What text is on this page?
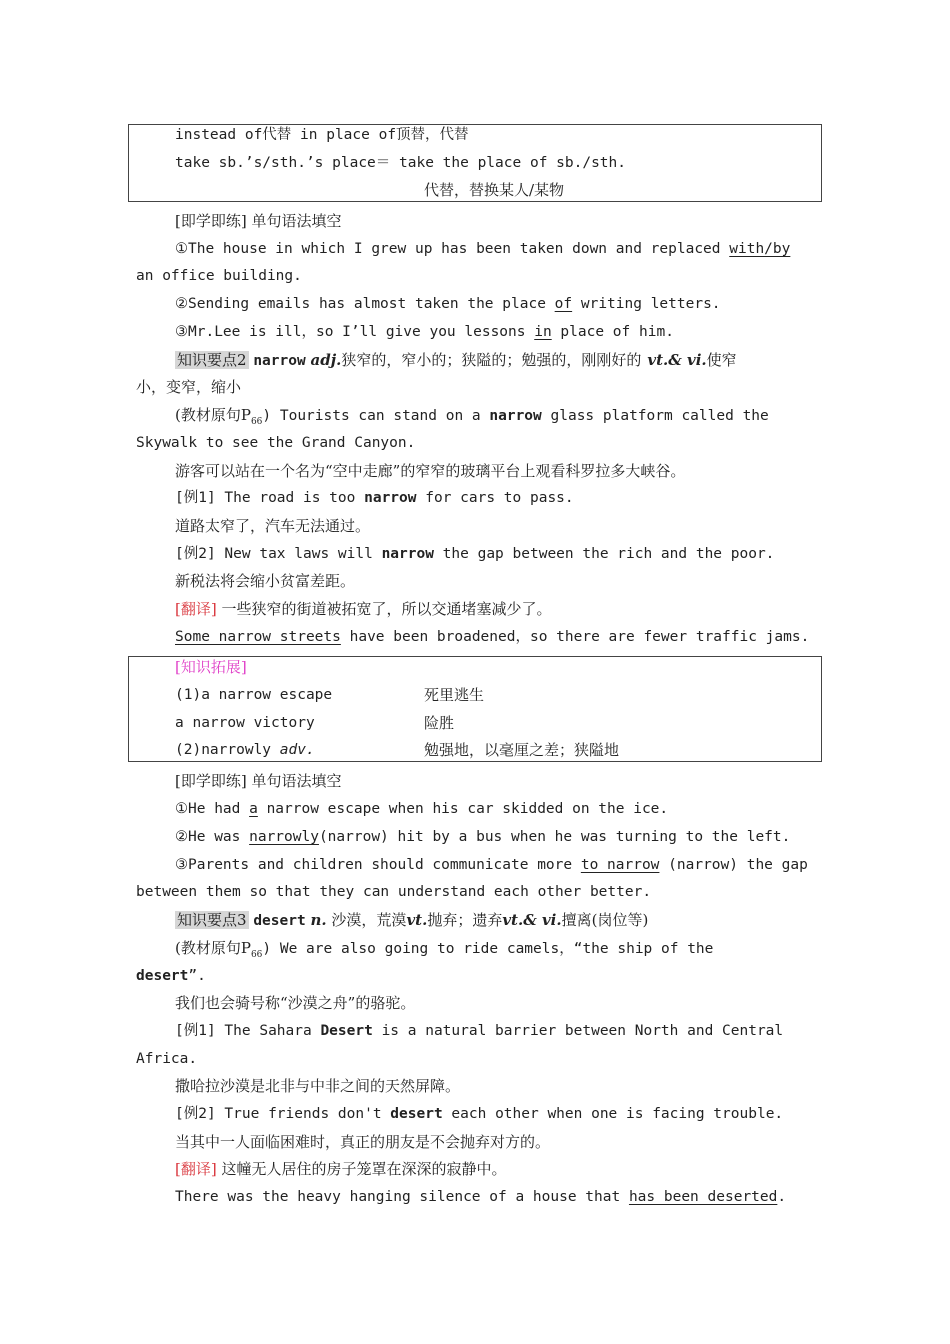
instead of代替 in place of顶替，代替
take sb.’s/sth.’s place＝ take the place of sb./sth.
代替，替换某人/某物
[即学即练] 单句语法填空
①The house in which I grew up has been taken down and replaced with/by
an office building.
②Sending emails has almost taken the place of writing letters.
③Mr.Lee is ill，so I’ll give you lessons in place of him.
知识要点2 narrow adj.狭窄的，窄小的；狭隘的；勉强的，刚刚好的 vt.& vi.使窄
小，变窄，缩小
(教材原句$P_{66}$) Tourists can stand on a narrow glass platform called the
Skywalk to see the Grand Canyon.
游客可以站在一个名为“空中走廊”的窄窄的玻璃平台上观看科罗拉多大峡谷。
[例1] The road is too narrow for cars to pass.
道路太窄了，汽车无法通过。
[例2] New tax laws will narrow the gap between the rich and the poor.
新税法将会缩小贫富差距。
[翻译] 一些狭窄的街道被拓宽了，所以交通堵塞减少了。
Some narrow streets have been broadened，so there are fewer traffic jams.
[知识拓展]
(1)a narrow escape	死里逃生
a narrow victory	险胜
(2)narrowly adv.	勉强地，以毫厘之差；狭隘地
[即学即练] 单句语法填空
①He had a narrow escape when his car skidded on the ice.
②He was narrowly(narrow) hit by a bus when he was turning to the left.
③Parents and children should communicate more to narrow (narrow) the gap
between them so that they can understand each other better.
知识要点3 desert n. 沙漠，荒漠vt.抛弃；遗弃vt.& vi.擅离(岗位等)
(教材原句$P_{66}$) We are also going to ride camels，“the ship of the
desert”.
我们也会骑号称“沙漠之舟”的骆驼。
[例1] The Sahara Desert is a natural barrier between North and Central
Africa.
撒哈拉沙漠是北非与中非之间的天然屏障。
[例2] True friends don't desert each other when one is facing trouble.
当其中一人面临困难时，真正的朋友是不会抛弃对方的。
[翻译] 这幢无人居住的房子笼罩在深深的寂静中。
There was the heavy hanging silence of a house that has been deserted.
